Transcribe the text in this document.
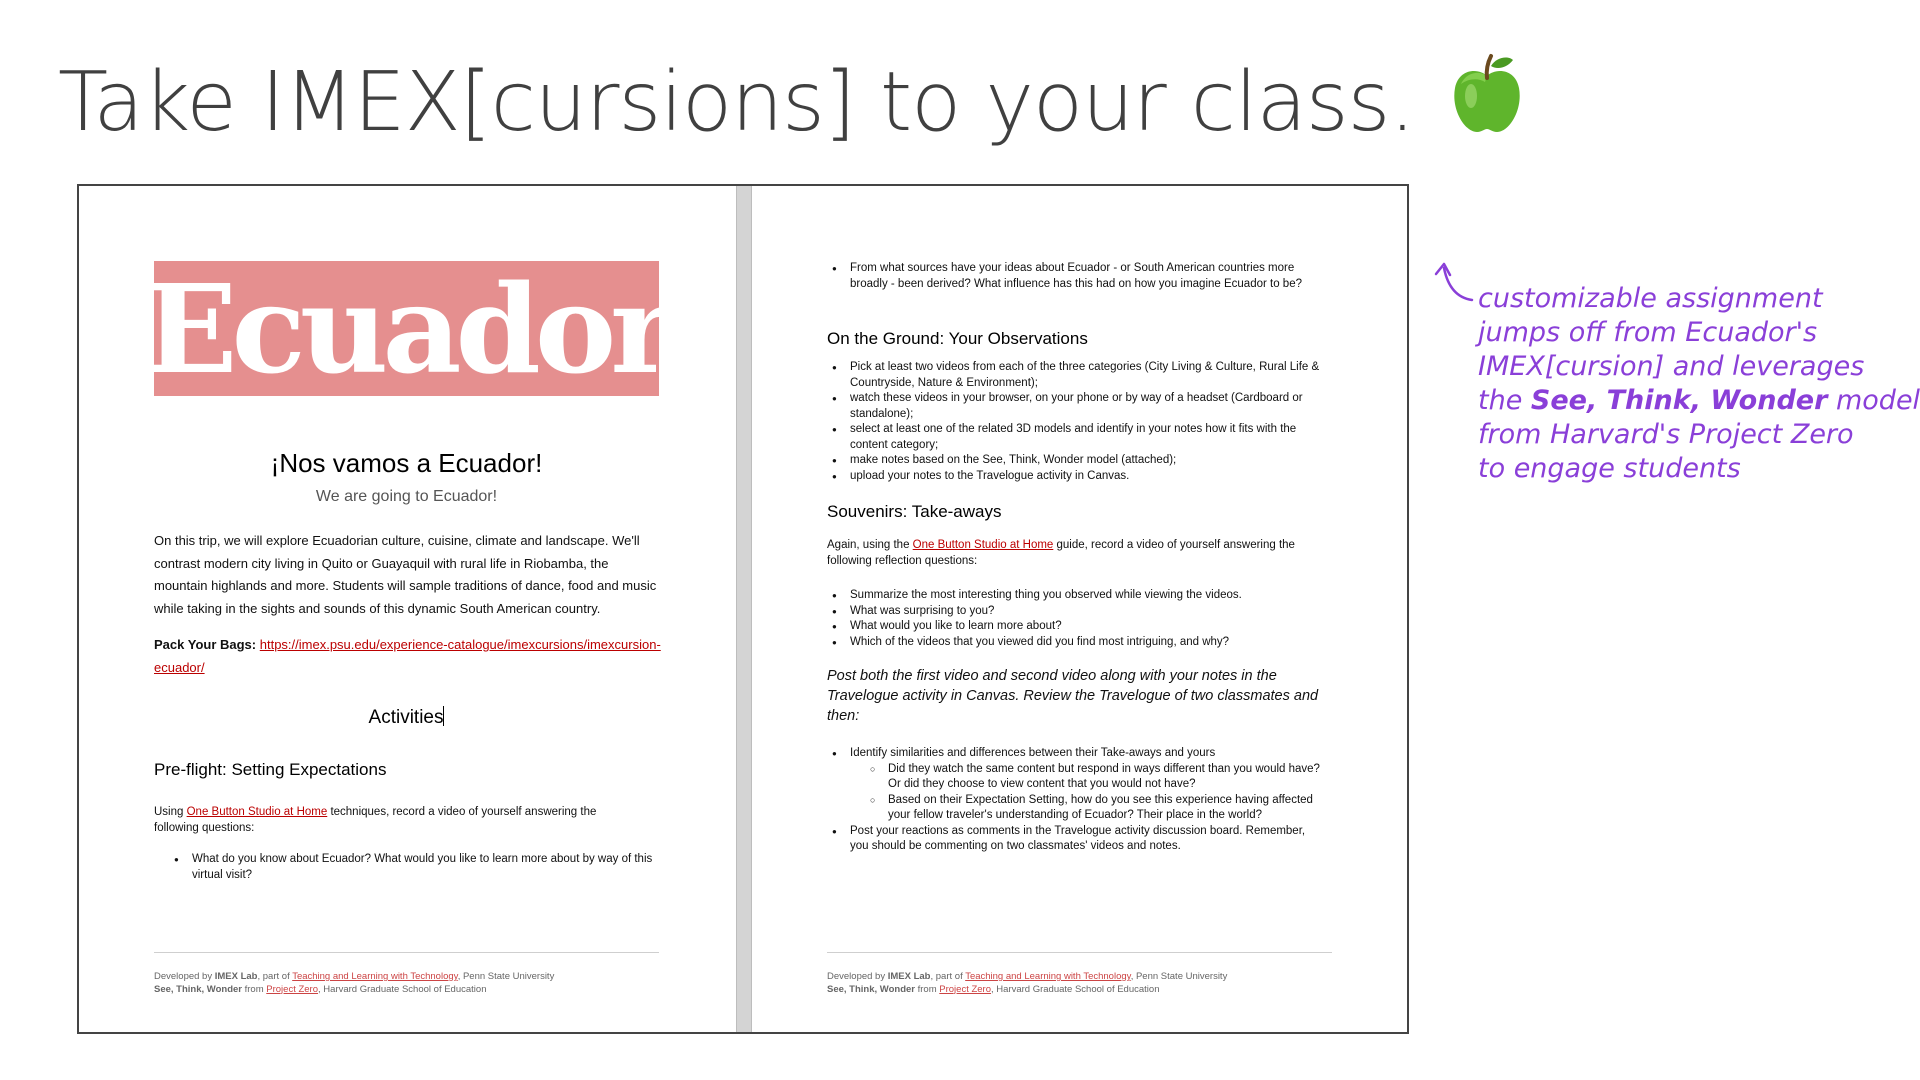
Take IMEX[cursions] to your class.
Ecuador
¡Nos vamos a Ecuador!
We are going to Ecuador!
On this trip, we will explore Ecuadorian culture, cuisine, climate and landscape. We'll contrast modern city living in Quito or Guayaquil with rural life in Riobamba, the mountain highlands and more. Students will sample traditions of dance, food and music while taking in the sights and sounds of this dynamic South American country.
Pack Your Bags: https://imex.psu.edu/experience-catalogue/imexcursions/imexcursion-ecuador/
Activities
Pre-flight: Setting Expectations
Using One Button Studio at Home techniques, record a video of yourself answering the following questions:
● What do you know about Ecuador? What would you like to learn more about by way of this virtual visit?
Developed by IMEX Lab, part of Teaching and Learning with Technology, Penn State University
See, Think, Wonder from Project Zero, Harvard Graduate School of Education
● From what sources have your ideas about Ecuador - or South American countries more broadly - been derived? What influence has this had on how you imagine Ecuador to be?
On the Ground: Your Observations
● Pick at least two videos from each of the three categories (City Living & Culture, Rural Life & Countryside, Nature & Environment);
● watch these videos in your browser, on your phone or by way of a headset (Cardboard or standalone);
● select at least one of the related 3D models and identify in your notes how it fits with the content category;
● make notes based on the See, Think, Wonder model (attached);
● upload your notes to the Travelogue activity in Canvas.
Souvenirs: Take-aways
Again, using the One Button Studio at Home guide, record a video of yourself answering the following reflection questions:
● Summarize the most interesting thing you observed while viewing the videos.
● What was surprising to you?
● What would you like to learn more about?
● Which of the videos that you viewed did you find most intriguing, and why?
Post both the first video and second video along with your notes in the Travelogue activity in Canvas. Review the Travelogue of two classmates and then:
● Identify similarities and differences between their Take-aways and yours
○ Did they watch the same content but respond in ways different than you would have? Or did they choose to view content that you would not have?
○ Based on their Expectation Setting, how do you see this experience having affected your fellow traveler's understanding of Ecuador? Their place in the world?
● Post your reactions as comments in the Travelogue activity discussion board. Remember, you should be commenting on two classmates' videos and notes.
Developed by IMEX Lab, part of Teaching and Learning with Technology, Penn State University
See, Think, Wonder from Project Zero, Harvard Graduate School of Education
customizable assignment
jumps off from Ecuador's
IMEX[cursion] and leverages
the See, Think, Wonder model
from Harvard's Project Zero
to engage students
